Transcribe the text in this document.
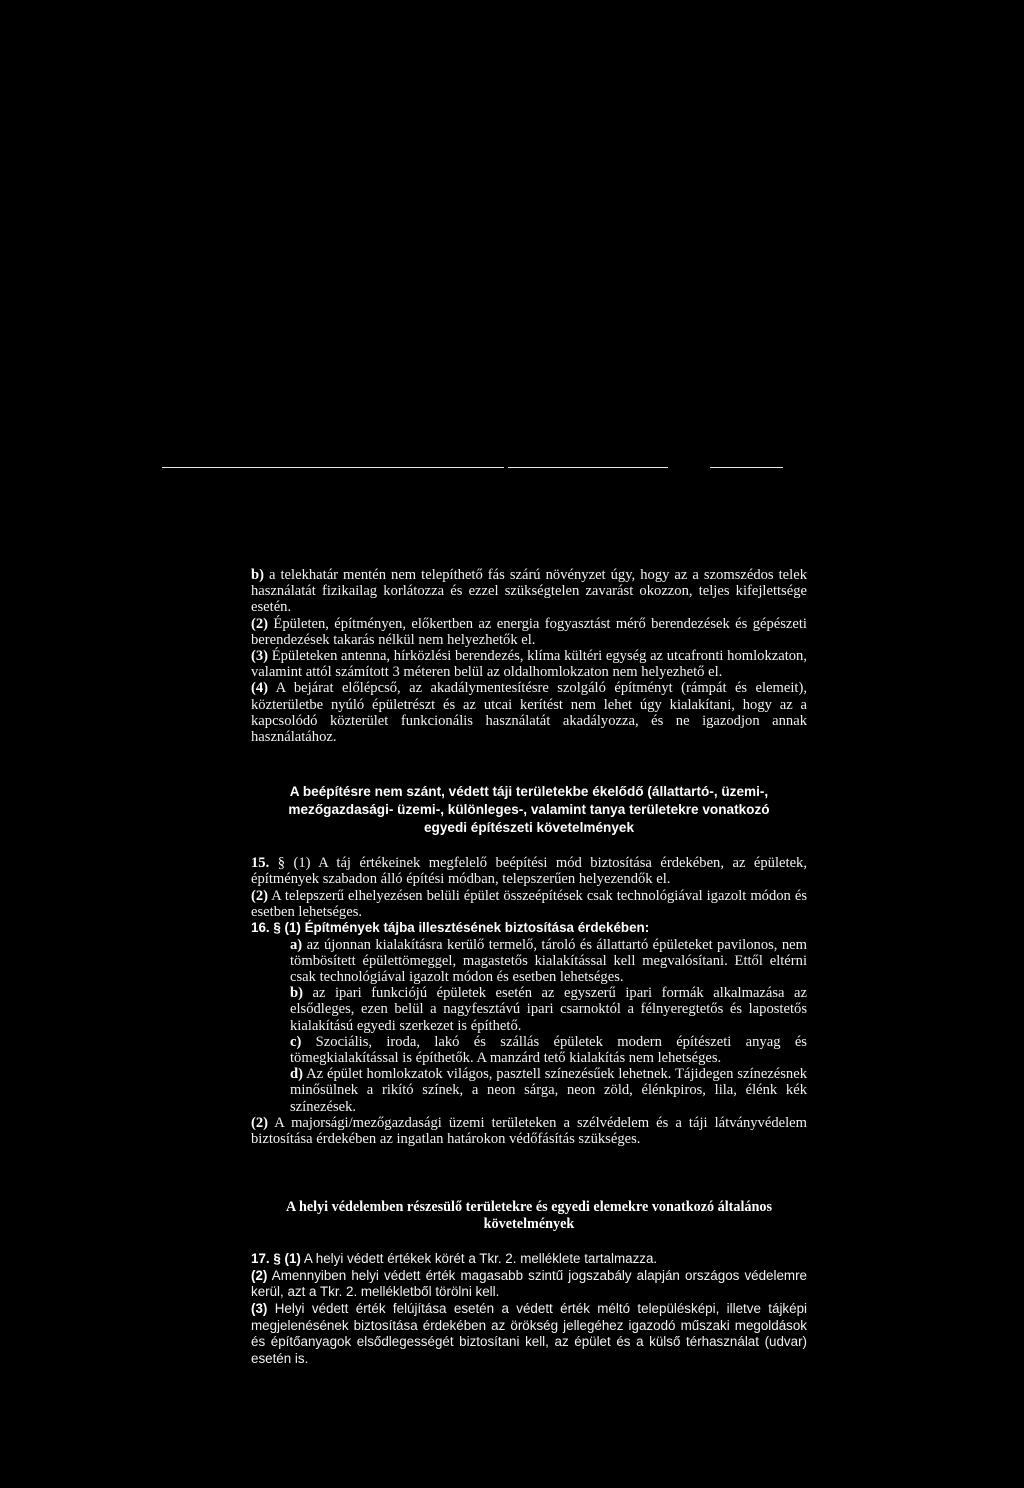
b) a telekhatár mentén nem telepíthető fás szárú növényzet úgy, hogy az a szomszédos telek használatát fizikailag korlátozza és ezzel szükségtelen zavarást okozzon, teljes kifejlettsége esetén.

(2) Épületen, építményen, előkertben az energia fogyasztást mérő berendezések és gépészeti berendezések takarás nélkül nem helyezhetők el.

(3) Épületeken antenna, hírközlési berendezés, klíma kültéri egység az utcafronti homlokzaton, valamint attól számított 3 méteren belül az oldalhomlokzaton nem helyezhető el.

(4) A bejárat előlépcső, az akadálymentesítésre szolgáló építményt (rámpát és elemeit), közterületbe nyúló épületrészt és az utcai kerítést nem lehet úgy kialakítani, hogy az a kapcsolódó közterület funkcionális használatát akadályozza, és ne igazodjon annak használatához.

A beépítésre nem szánt, védett táji területekbe ékelődő (állattartó-, üzemi-, mezőgazdasági- üzemi-, különleges-, valamint tanya területekre vonatkozó egyedi építészeti követelmények

15. § (1) A táj értékeinek megfelelő beépítési mód biztosítása érdekében, az épületek, építmények szabadon álló építési módban, telepszerűen helyezendők el.

(2) A telepszerű elhelyezésen belüli épület összeépítések csak technológiával igazolt módon és esetben lehetséges.

16. § (1) Építmények tájba illesztésének biztosítása érdekében:

a) az újonnan kialakításra kerülő termelő, tároló és állattartó épületeket pavilonos, nem tömbösített épülettömeggel, magastetős kialakítással kell megvalósítani. Ettől eltérni csak technológiával igazolt módon és esetben lehetséges.

b) az ipari funkciójú épületek esetén az egyszerű ipari formák alkalmazása az elsődleges, ezen belül a nagyfesztávú ipari csarnoktól a félnyeregtetős és lapostetős kialakítású egyedi szerkezet is építhető.

c) Szociális, iroda, lakó és szállás épületek modern építészeti anyag és tömegkialakítással is építhetők. A manzárd tető kialakítás nem lehetséges.

d) Az épület homlokzatok világos, pasztell színezésűek lehetnek. Tájidegen színezésnek minősülnek a rikító színek, a neon sárga, neon zöld, élénkpiros, lila, élénk kék színezések.

(2) A majorsági/mezőgazdasági üzemi területeken a szélvédelem és a táji látványvédelem biztosítása érdekében az ingatlan határokon védőfásítás szükséges.

A helyi védelemben részesülő területekre és egyedi elemekre vonatkozó általános követelmények

17. § (1) A helyi védett értékek körét a Tkr. 2. melléklete tartalmazza.

(2) Amennyiben helyi védett érték magasabb szintű jogszabály alapján országos védelemre kerül, azt a Tkr. 2. mellékletből törölni kell.

(3) Helyi védett érték felújítása esetén a védett érték méltó településképi, illetve tájképi megjelenésének biztosítása érdekében az örökség jellegéhez igazodó műszaki megoldások és építőanyagok elsődlegességét biztosítani kell, az épület és a külső térhasználat (udvar) esetén is.
